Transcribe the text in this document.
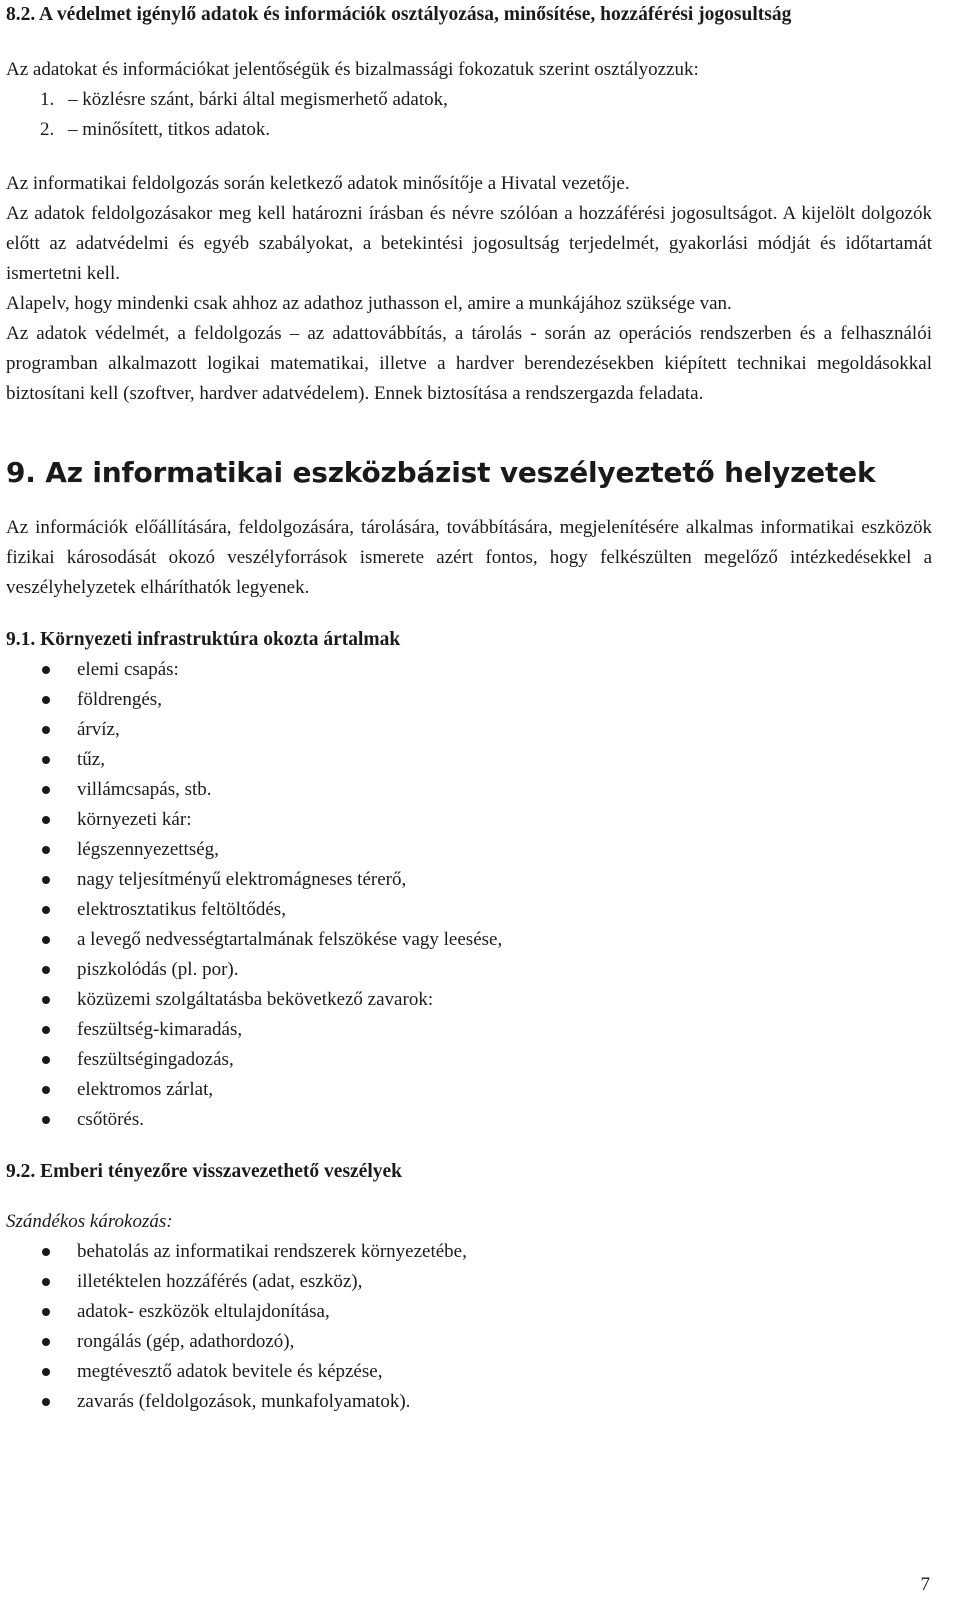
8.2. A védelmet igénylő adatok és információk osztályozása, minősítése, hozzáférési jogosultság

Az adatokat és információkat jelentőségük és bizalmassági fokozatuk szerint osztályozzuk:

1. – közlésre szánt, bárki által megismerhető adatok,
2. – minősített, titkos adatok.

Az informatikai feldolgozás során keletkező adatok minősítője a Hivatal vezetője.

Az adatok feldolgozásakor meg kell határozni írásban és névre szólóan a hozzáférési jogosultságot. A kijelölt dolgozók előtt az adatvédelmi és egyéb szabályokat, a betekintési jogosultság terjedelmét, gyakorlási módját és időtartamát ismertetni kell.

Alapelv, hogy mindenki csak ahhoz az adathoz juthasson el, amire a munkájához szüksége van.

Az adatok védelmét, a feldolgozás – az adattovábbítás, a tárolás - során az operációs rendszerben és a felhasználói programban alkalmazott logikai matematikai, illetve a hardver berendezésekben kiépített technikai megoldásokkal biztosítani kell (szoftver, hardver adatvédelem). Ennek biztosítása a rendszergazda feladata.

9. Az informatikai eszközbázist veszélyeztető helyzetek

Az információk előállítására, feldolgozására, tárolására, továbbítására, megjelenítésére alkalmas informatikai eszközök fizikai károsodását okozó veszélyforrások ismerete azért fontos, hogy felkészülten megelőző intézkedésekkel a veszélyhelyzetek elháríthatók legyenek.

9.1. Környezeti infrastruktúra okozta ártalmak
elemi csapás:
földrengés,
árvíz,
tűz,
villámcsapás, stb.
környezeti kár:
légszennyezettség,
nagy teljesítményű elektromágneses térerő,
elektrosztatikus feltöltődés,
a levegő nedvességtartalmának felszökése vagy leesése,
piszkolódás (pl. por).
közüzemi szolgáltatásba bekövetkező zavarok:
feszültség-kimaradás,
feszültségingadozás,
elektromos zárlat,
csőtörés.
9.2. Emberi tényezőre visszavezethető veszélyek

Szándékos károkozás:

behatolás az informatikai rendszerek környezetébe,
illetéktelen hozzáférés (adat, eszköz),
adatok- eszközök eltulajdonítása,
rongálás (gép, adathordozó),
megtévesztő adatok bevitele és képzése,
zavarás (feldolgozások, munkafolyamatok).
7
